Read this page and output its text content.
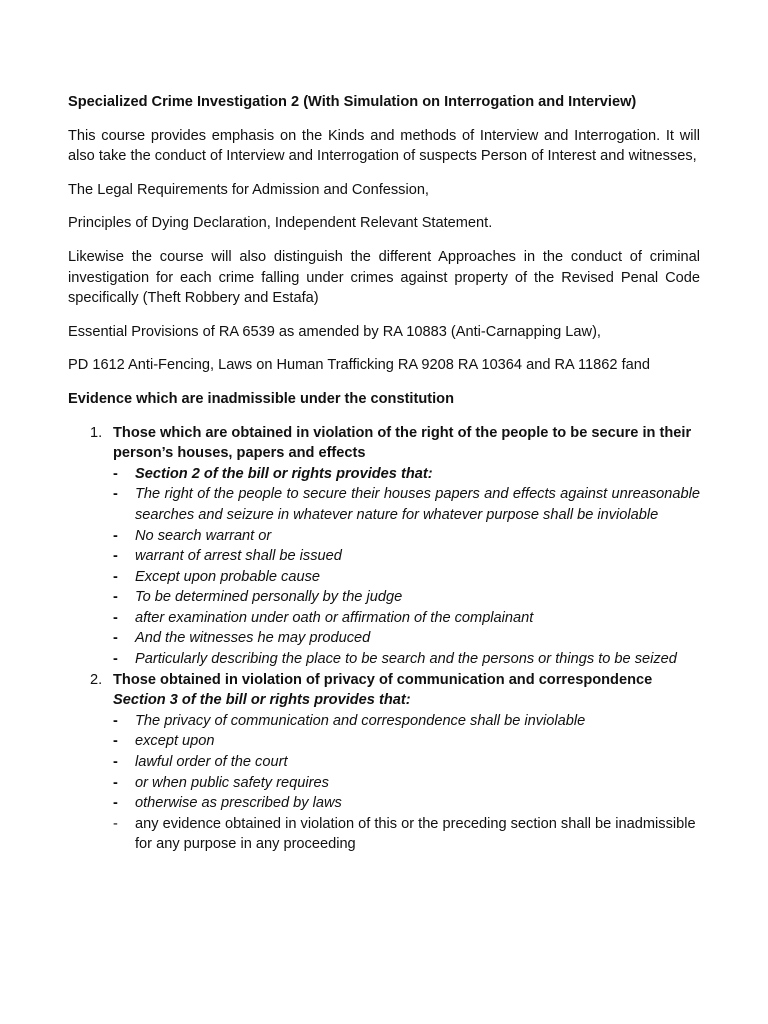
Specialized Crime Investigation 2 (With Simulation on Interrogation and Interview)

This course provides emphasis on the Kinds and methods of Interview and Interrogation. It will also take the conduct of Interview and Interrogation of suspects Person of Interest and witnesses,

The Legal Requirements for Admission and Confession,

Principles of Dying Declaration, Independent Relevant Statement.

Likewise the course will also distinguish the different Approaches in the conduct of criminal investigation for each crime falling under crimes against property of the Revised Penal Code specifically (Theft Robbery and Estafa)

Essential Provisions of RA 6539 as amended by RA 10883 (Anti-Carnapping Law),

PD 1612 Anti-Fencing, Laws on Human Trafficking RA 9208 RA 10364 and RA 11862 fand

Evidence which are inadmissible under the constitution
1. Those which are obtained in violation of the right of the people to be secure in their person’s houses, papers and effects
- Section 2 of the bill or rights provides that:
- The right of the people to secure their houses papers and effects against unreasonable searches and seizure in whatever nature for whatever purpose shall be inviolable
- No search warrant or
- warrant of arrest shall be issued
- Except upon probable cause
- To be determined personally by the judge
- after examination under oath or affirmation of the complainant
- And the witnesses he may produced
- Particularly describing the place to be search and the persons or things to be seized
2. Those obtained in violation of privacy of communication and correspondence
Section 3 of the bill or rights provides that:
- The privacy of communication and correspondence shall be inviolable
- except upon
- lawful order of the court
- or when public safety requires
- otherwise as prescribed by laws
- any evidence obtained in violation of this or the preceding section shall be inadmissible for any purpose in any proceeding
